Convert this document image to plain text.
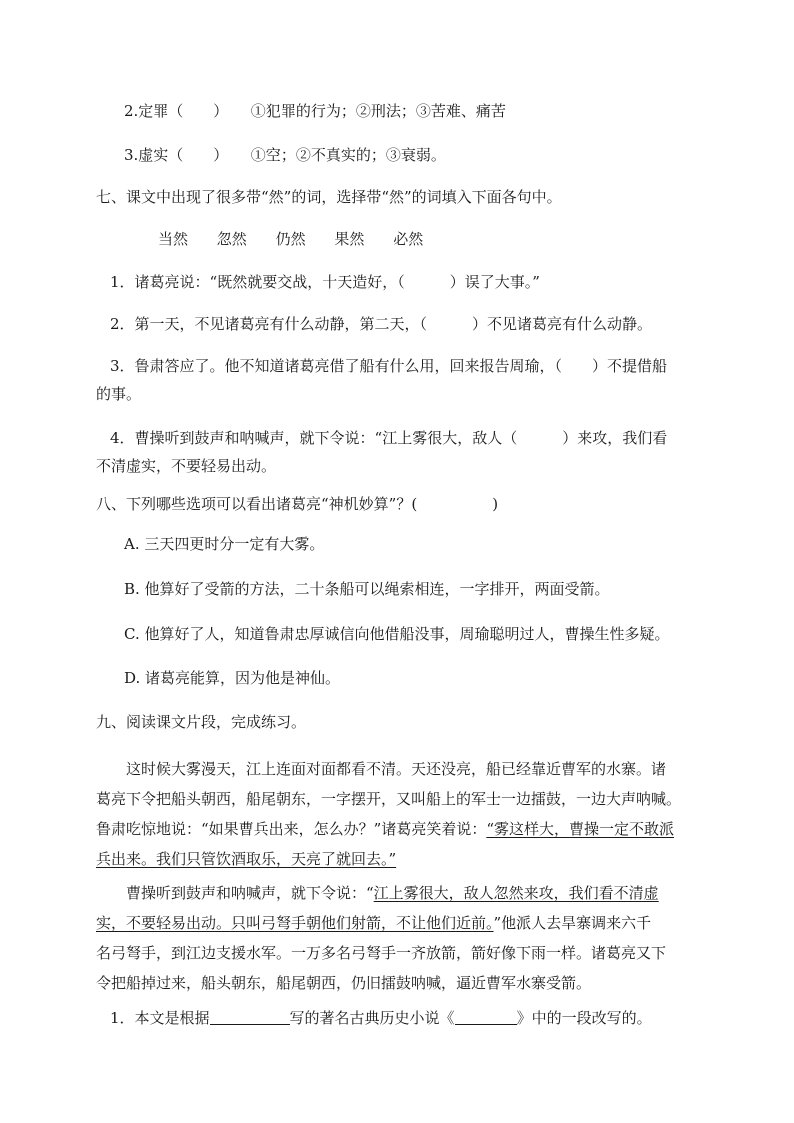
2.定罪（　　）　　①犯罪的行为；②刑法；③苦难、痛苦
3.虚实（　　）　　①空；②不真实的；③衰弱。
七、课文中出现了很多带“然”的词，选择带“然”的词填入下面各句中。
当然 忽然 仍然 果然 必然
1．诸葛亮说：“既然就要交战，十天造好，（　　　）误了大事。”
2．第一天，不见诸葛亮有什么动静，第二天，（　　　）不见诸葛亮有什么动静。
3．鲁肃答应了。他不知道诸葛亮借了船有什么用，回来报告周瑜，（　　）不提借船
的事。
4．曹操听到鼓声和呐喊声，就下令说：“江上雾很大，敌人（　　　）来攻，我们看
不清虚实，不要轻易出动。
八、下列哪些选项可以看出诸葛亮“神机妙算”？(　　　　　)
A. 三天四更时分一定有大雾。
B. 他算好了受箭的方法，二十条船可以绳索相连，一字排开，两面受箭。
C. 他算好了人，知道鲁肃忠厚诚信向他借船没事，周瑜聪明过人，曹操生性多疑。
D. 诸葛亮能算，因为他是神仙。
九、阅读课文片段，完成练习。
　　这时候大雾漫天，江上连面对面都看不清。天还没亮，船已经靠近曹军的水寨。诸
葛亮下令把船头朝西，船尾朝东，一字摆开，又叫船上的军士一边擂鼓，一边大声呐喊。
鲁肃吃惊地说：“如果曹兵出来，怎么办？”诸葛亮笑着说：“雾这样大，曹操一定不敢派
兵出来。我们只管饮酒取乐，天亮了就回去。”
　　曹操听到鼓声和呐喊声，就下令说：“江上雾很大，敌人忽然来攻，我们看不清虚
实，不要轻易出动。只叫弓弩手朝他们射箭，不让他们近前。”他派人去旱寨调来六千
名弓弩手，到江边支援水军。一万多名弓弩手一齐放箭，箭好像下雨一样。诸葛亮又下
令把船掉过来，船头朝东，船尾朝西，仍旧擂鼓呐喊，逼近曹军水寨受箭。
1．本文是根据	写的著名古典历史小说《	》中的一段改写的。
